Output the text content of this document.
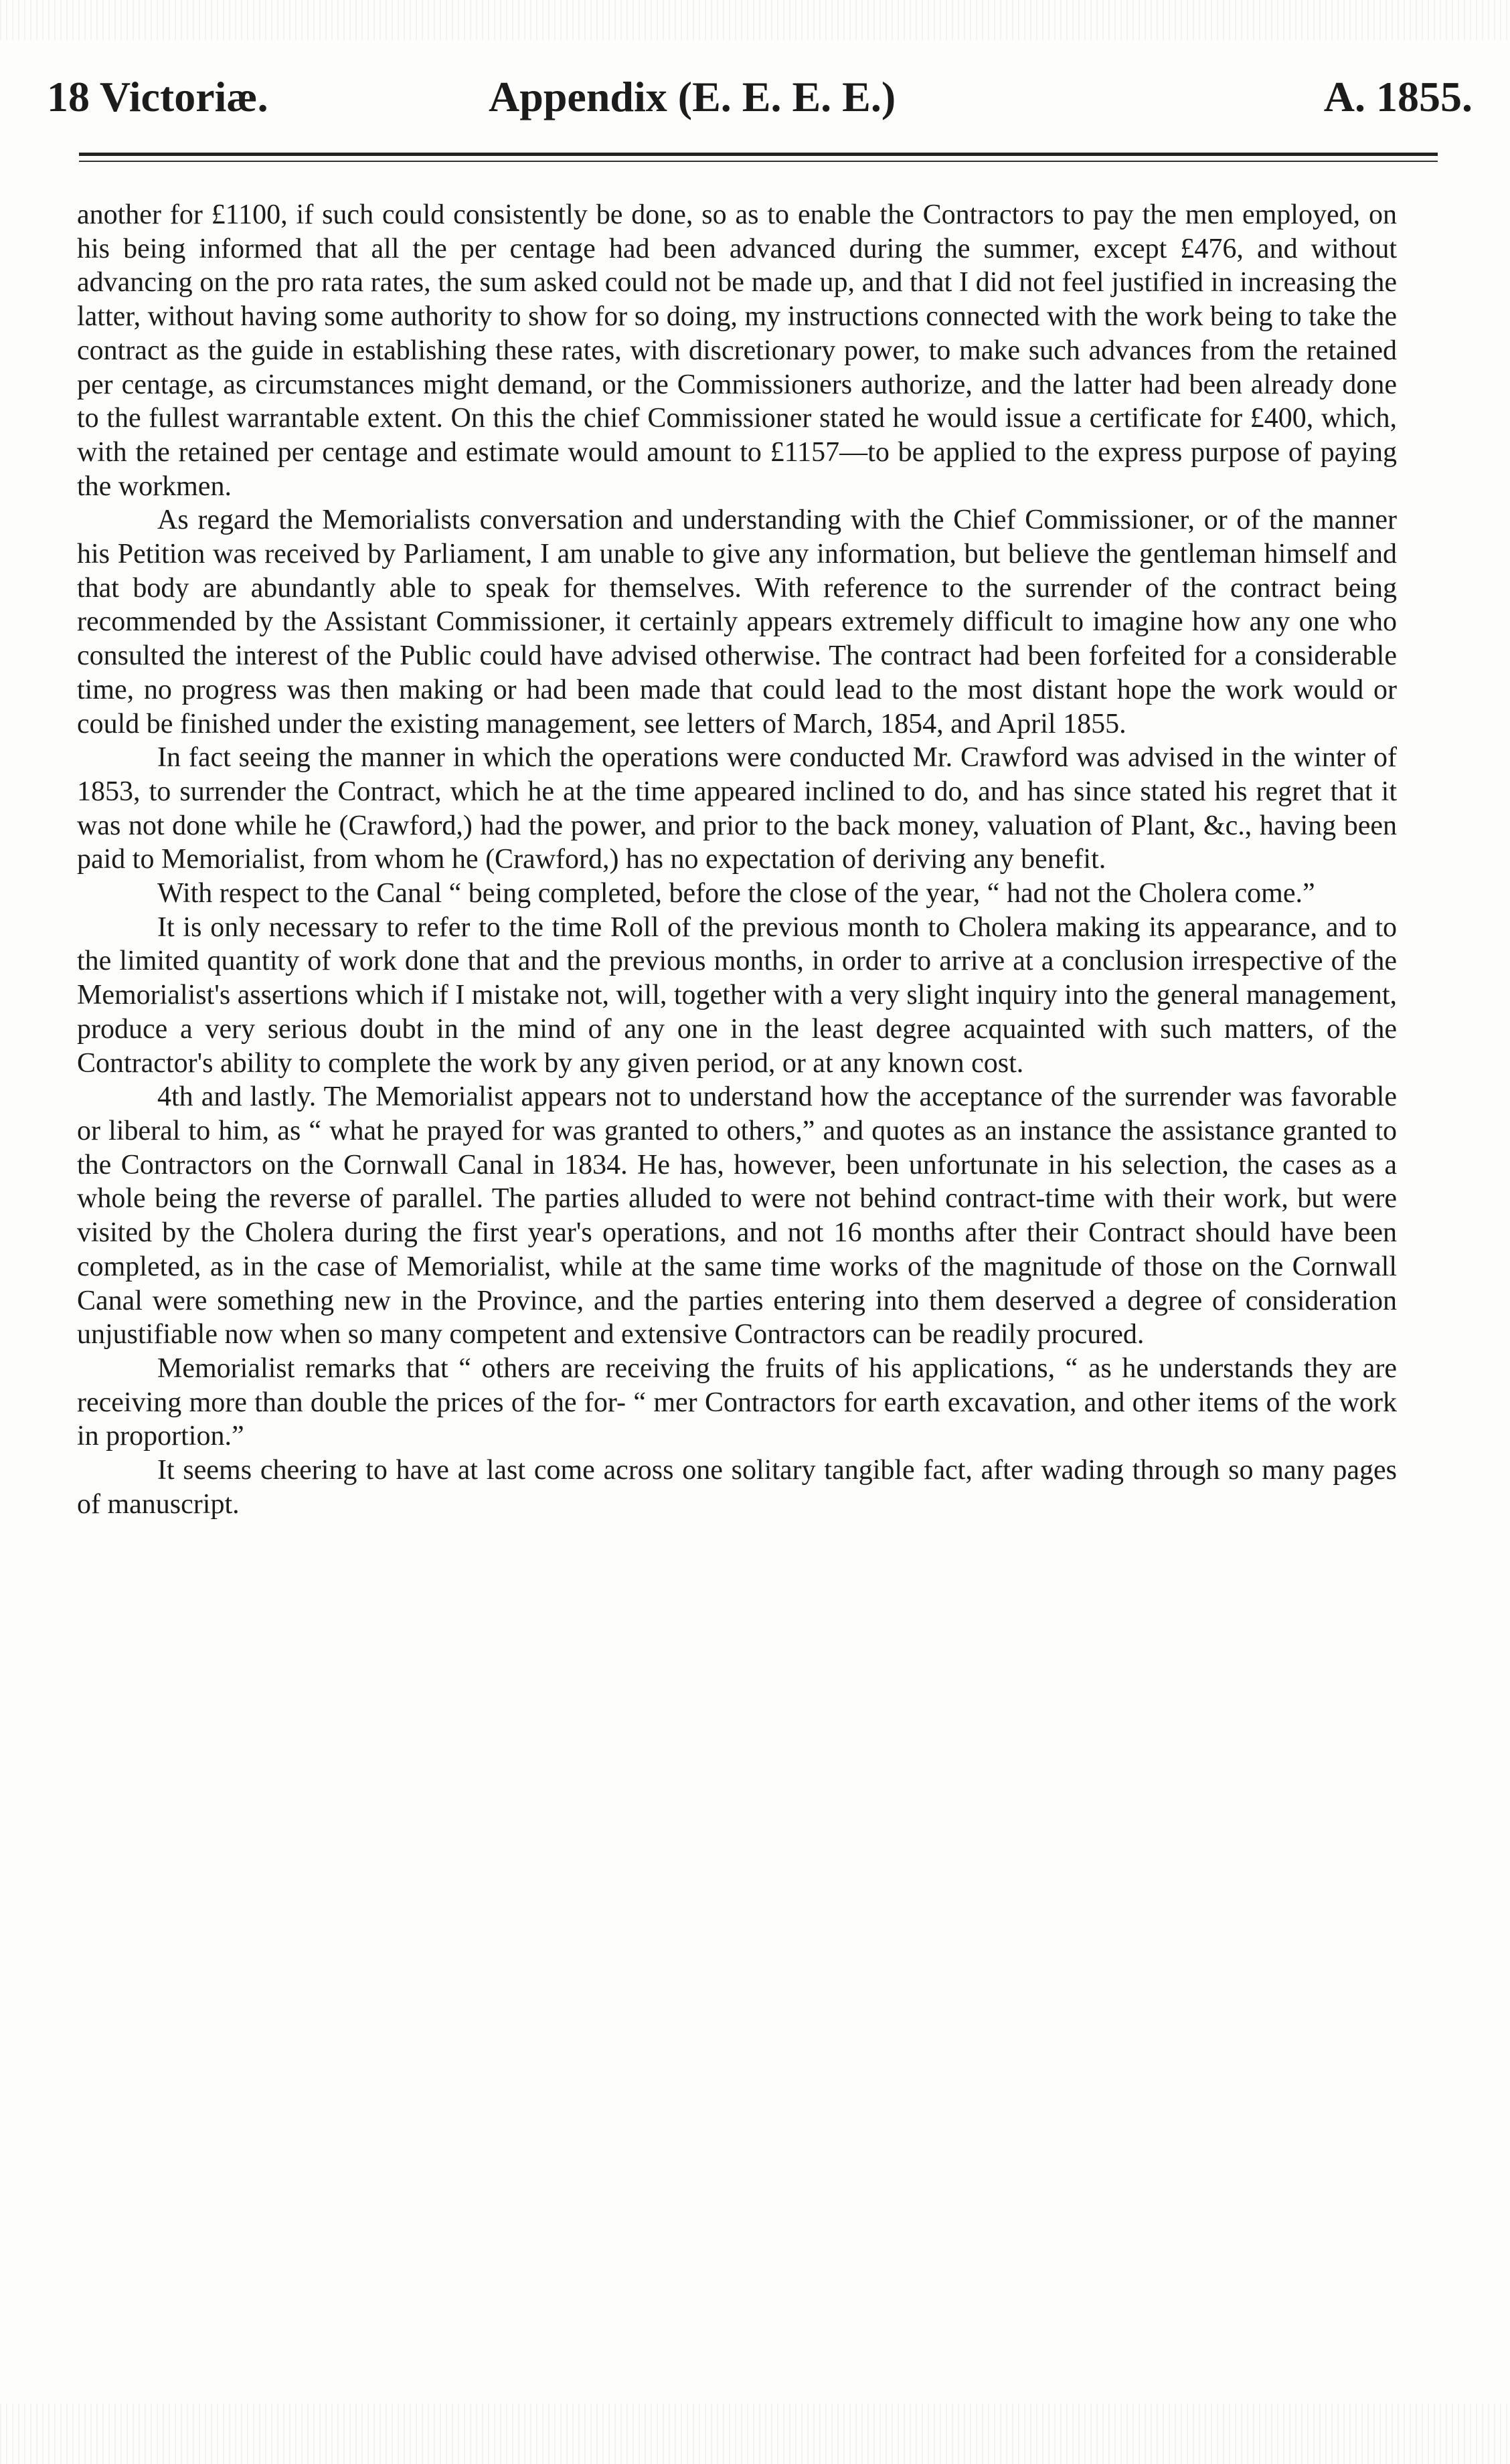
18 Victoriæ.	Appendix (E. E. E. E.)	A. 1855.

another for £1100, if such could consistently be done, so as to enable the Contractors to pay the men employed, on his being informed that all the per centage had been advanced during the summer, except £476, and without advancing on the pro rata rates, the sum asked could not be made up, and that I did not feel justified in increasing the latter, without having some authority to show for so doing, my instructions connected with the work being to take the contract as the guide in establishing these rates, with discretionary power, to make such advances from the retained per centage, as circumstances might demand, or the Commissioners authorize, and the latter had been already done to the fullest warrantable extent. On this the chief Commissioner stated he would issue a certificate for £400, which, with the retained per centage and estimate would amount to £1157—to be applied to the express purpose of paying the workmen.

As regard the Memorialists conversation and understanding with the Chief Commissioner, or of the manner his Petition was received by Parliament, I am unable to give any information, but believe the gentleman himself and that body are abundantly able to speak for themselves. With reference to the surrender of the contract being recommended by the Assistant Commissioner, it certainly appears extremely difficult to imagine how any one who consulted the interest of the Public could have advised otherwise. The contract had been forfeited for a considerable time, no progress was then making or had been made that could lead to the most distant hope the work would or could be finished under the existing management, see letters of March, 1854, and April 1855.

In fact seeing the manner in which the operations were conducted Mr. Crawford was advised in the winter of 1853, to surrender the Contract, which he at the time appeared inclined to do, and has since stated his regret that it was not done while he (Crawford,) had the power, and prior to the back money, valuation of Plant, &c., having been paid to Memorialist, from whom he (Crawford,) has no expectation of deriving any benefit.

With respect to the Canal “ being completed, before the close of the year, “ had not the Cholera come.”

It is only necessary to refer to the time Roll of the previous month to Cholera making its appearance, and to the limited quantity of work done that and the previous months, in order to arrive at a conclusion irrespective of the Memorialist's assertions which if I mistake not, will, together with a very slight inquiry into the general management, produce a very serious doubt in the mind of any one in the least degree acquainted with such matters, of the Contractor's ability to complete the work by any given period, or at any known cost.

4th and lastly. The Memorialist appears not to understand how the acceptance of the surrender was favorable or liberal to him, as “ what he prayed for was granted to others,” and quotes as an instance the assistance granted to the Contractors on the Cornwall Canal in 1834. He has, however, been unfortunate in his selection, the cases as a whole being the reverse of parallel. The parties alluded to were not behind contract-time with their work, but were visited by the Cholera during the first year's operations, and not 16 months after their Contract should have been completed, as in the case of Memorialist, while at the same time works of the magnitude of those on the Cornwall Canal were something new in the Province, and the parties entering into them deserved a degree of consideration unjustifiable now when so many competent and extensive Contractors can be readily procured.

Memorialist remarks that “ others are receiving the fruits of his applications, “ as he understands they are receiving more than double the prices of the for- “ mer Contractors for earth excavation, and other items of the work in proportion.”

It seems cheering to have at last come across one solitary tangible fact, after wading through so many pages of manuscript.
